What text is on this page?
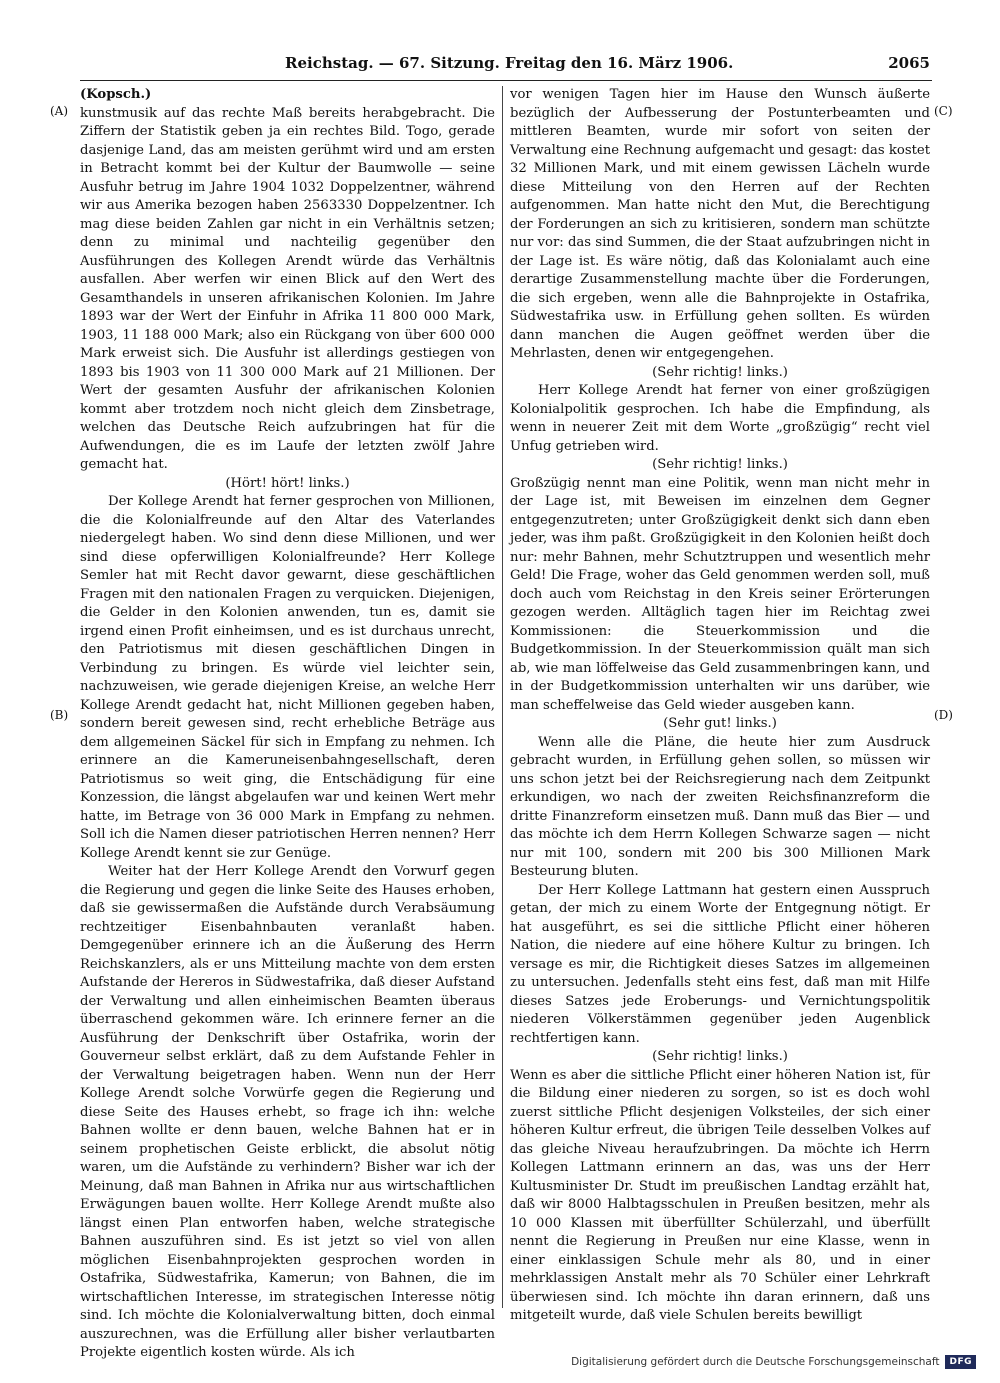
Reichstag. — 67. Sitzung. Freitag den 16. März 1906.	2065
(A)
(B)
(C)
(D)

(Kopsch.)

kunstmusik auf das rechte Maß bereits herabgebracht. Die Ziffern der Statistik geben ja ein rechtes Bild. Togo, gerade dasjenige Land, das am meisten gerühmt wird und am ersten in Betracht kommt bei der Kultur der Baumwolle — seine Ausfuhr betrug im Jahre 1904 1032 Doppelzentner, während wir aus Amerika bezogen haben 2563330 Doppelzentner. Ich mag diese beiden Zahlen gar nicht in ein Verhältnis setzen; denn zu minimal und nachteilig gegenüber den Ausführungen des Kollegen Arendt würde das Verhältnis ausfallen. Aber werfen wir einen Blick auf den Wert des Gesamthandels in unseren afrikanischen Kolonien. Im Jahre 1893 war der Wert der Einfuhr in Afrika 11 800 000 Mark, 1903, 11 188 000 Mark; also ein Rückgang von über 600 000 Mark erweist sich. Die Ausfuhr ist allerdings gestiegen von 1893 bis 1903 von 11 300 000 Mark auf 21 Millionen. Der Wert der gesamten Ausfuhr der afrikanischen Kolonien kommt aber trotzdem noch nicht gleich dem Zinsbetrage, welchen das Deutsche Reich aufzubringen hat für die Aufwendungen, die es im Laufe der letzten zwölf Jahre gemacht hat.

(Hört! hört! links.)

Der Kollege Arendt hat ferner gesprochen von Millionen, die die Kolonialfreunde auf den Altar des Vaterlandes niedergelegt haben. Wo sind denn diese Millionen, und wer sind diese opferwilligen Kolonialfreunde? Herr Kollege Semler hat mit Recht davor gewarnt, diese geschäftlichen Fragen mit den nationalen Fragen zu verquicken. Diejenigen, die Gelder in den Kolonien anwenden, tun es, damit sie irgend einen Profit einheimsen, und es ist durchaus unrecht, den Patriotismus mit diesen geschäftlichen Dingen in Verbindung zu bringen. Es würde viel leichter sein, nachzuweisen, wie gerade diejenigen Kreise, an welche Herr Kollege Arendt gedacht hat, nicht Millionen gegeben haben, sondern bereit gewesen sind, recht erhebliche Beträge aus dem allgemeinen Säckel für sich in Empfang zu nehmen. Ich erinnere an die Kameruneisenbahngesellschaft, deren Patriotismus so weit ging, die Entschädigung für eine Konzession, die längst abgelaufen war und keinen Wert mehr hatte, im Betrage von 36 000 Mark in Empfang zu nehmen. Soll ich die Namen dieser patriotischen Herren nennen? Herr Kollege Arendt kennt sie zur Genüge.

Weiter hat der Herr Kollege Arendt den Vorwurf gegen die Regierung und gegen die linke Seite des Hauses erhoben, daß sie gewissermaßen die Aufstände durch Verabsäumung rechtzeitiger Eisenbahnbauten veranlaßt haben. Demgegenüber erinnere ich an die Äußerung des Herrn Reichskanzlers, als er uns Mitteilung machte von dem ersten Aufstande der Hereros in Südwestafrika, daß dieser Aufstand der Verwaltung und allen einheimischen Beamten überaus überraschend gekommen wäre. Ich erinnere ferner an die Ausführung der Denkschrift über Ostafrika, worin der Gouverneur selbst erklärt, daß zu dem Aufstande Fehler in der Verwaltung beigetragen haben. Wenn nun der Herr Kollege Arendt solche Vorwürfe gegen die Regierung und diese Seite des Hauses erhebt, so frage ich ihn: welche Bahnen wollte er denn bauen, welche Bahnen hat er in seinem prophetischen Geiste erblickt, die absolut nötig waren, um die Aufstände zu verhindern? Bisher war ich der Meinung, daß man Bahnen in Afrika nur aus wirtschaftlichen Erwägungen bauen wollte. Herr Kollege Arendt mußte also längst einen Plan entworfen haben, welche strategische Bahnen auszuführen sind. Es ist jetzt so viel von allen möglichen Eisenbahnprojekten gesprochen worden in Ostafrika, Südwestafrika, Kamerun; von Bahnen, die im wirtschaftlichen Interesse, im strategischen Interesse nötig sind. Ich möchte die Kolonialverwaltung bitten, doch einmal auszurechnen, was die Erfüllung aller bisher verlautbarten Projekte eigentlich kosten würde. Als ich

vor wenigen Tagen hier im Hause den Wunsch äußerte bezüglich der Aufbesserung der Postunterbeamten und mittleren Beamten, wurde mir sofort von seiten der Verwaltung eine Rechnung aufgemacht und gesagt: das kostet 32 Millionen Mark, und mit einem gewissen Lächeln wurde diese Mitteilung von den Herren auf der Rechten aufgenommen. Man hatte nicht den Mut, die Berechtigung der Forderungen an sich zu kritisieren, sondern man schützte nur vor: das sind Summen, die der Staat aufzubringen nicht in der Lage ist. Es wäre nötig, daß das Kolonialamt auch eine derartige Zusammenstellung machte über die Forderungen, die sich ergeben, wenn alle die Bahnprojekte in Ostafrika, Südwestafrika usw. in Erfüllung gehen sollten. Es würden dann manchen die Augen geöffnet werden über die Mehrlasten, denen wir entgegengehen.

(Sehr richtig! links.)

Herr Kollege Arendt hat ferner von einer großzügigen Kolonialpolitik gesprochen. Ich habe die Empfindung, als wenn in neuerer Zeit mit dem Worte „großzügig“ recht viel Unfug getrieben wird.

(Sehr richtig! links.)

Großzügig nennt man eine Politik, wenn man nicht mehr in der Lage ist, mit Beweisen im einzelnen dem Gegner entgegenzutreten; unter Großzügigkeit denkt sich dann eben jeder, was ihm paßt. Großzügigkeit in den Kolonien heißt doch nur: mehr Bahnen, mehr Schutztruppen und wesentlich mehr Geld! Die Frage, woher das Geld genommen werden soll, muß doch auch vom Reichstag in den Kreis seiner Erörterungen gezogen werden. Alltäglich tagen hier im Reichtag zwei Kommissionen: die Steuerkommission und die Budgetkommission. In der Steuerkommission quält man sich ab, wie man löffelweise das Geld zusammenbringen kann, und in der Budgetkommission unterhalten wir uns darüber, wie man scheffelweise das Geld wieder ausgeben kann.

(Sehr gut! links.)

Wenn alle die Pläne, die heute hier zum Ausdruck gebracht wurden, in Erfüllung gehen sollen, so müssen wir uns schon jetzt bei der Reichsregierung nach dem Zeitpunkt erkundigen, wo nach der zweiten Reichsfinanzreform die dritte Finanzreform einsetzen muß. Dann muß das Bier — und das möchte ich dem Herrn Kollegen Schwarze sagen — nicht nur mit 100, sondern mit 200 bis 300 Millionen Mark Besteurung bluten.

Der Herr Kollege Lattmann hat gestern einen Ausspruch getan, der mich zu einem Worte der Entgegnung nötigt. Er hat ausgeführt, es sei die sittliche Pflicht einer höheren Nation, die niedere auf eine höhere Kultur zu bringen. Ich versage es mir, die Richtigkeit dieses Satzes im allgemeinen zu untersuchen. Jedenfalls steht eins fest, daß man mit Hilfe dieses Satzes jede Eroberungs- und Vernichtungspolitik niederen Völkerstämmen gegenüber jeden Augenblick rechtfertigen kann.

(Sehr richtig! links.)

Wenn es aber die sittliche Pflicht einer höheren Nation ist, für die Bildung einer niederen zu sorgen, so ist es doch wohl zuerst sittliche Pflicht desjenigen Volksteiles, der sich einer höheren Kultur erfreut, die übrigen Teile desselben Volkes auf das gleiche Niveau heraufzubringen. Da möchte ich Herrn Kollegen Lattmann erinnern an das, was uns der Herr Kultusminister Dr. Studt im preußischen Landtag erzählt hat, daß wir 8000 Halbtagsschulen in Preußen besitzen, mehr als 10 000 Klassen mit überfüllter Schülerzahl, und überfüllt nennt die Regierung in Preußen nur eine Klasse, wenn in einer einklassigen Schule mehr als 80, und in einer mehrklassigen Anstalt mehr als 70 Schüler einer Lehrkraft überwiesen sind. Ich möchte ihn daran erinnern, daß uns mitgeteilt wurde, daß viele Schulen bereits bewilligt

Digitalisierung gefördert durch die Deutsche Forschungsgemeinschaft	DFG
